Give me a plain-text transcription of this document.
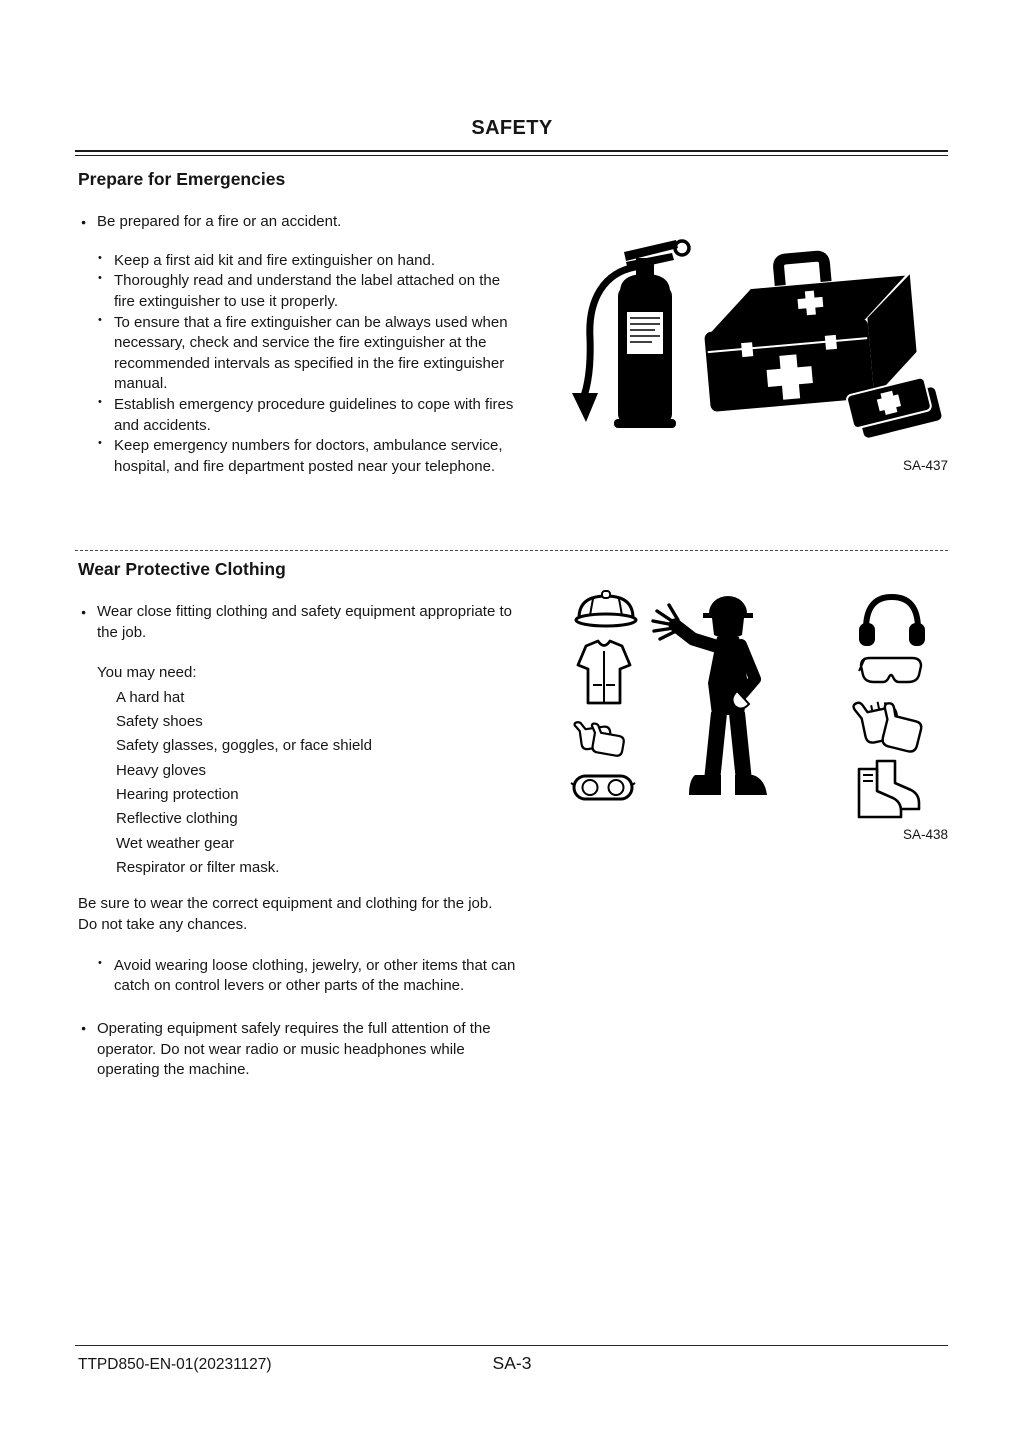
SAFETY
Prepare for Emergencies
● Be prepared for a fire or an accident.
• Keep a first aid kit and fire extinguisher on hand.
• Thoroughly read and understand the label attached on the fire extinguisher to use it properly.
• To ensure that a fire extinguisher can be always used when necessary, check and service the fire extinguisher at the recommended intervals as specified in the fire extinguisher manual.
• Establish emergency procedure guidelines to cope with fires and accidents.
• Keep emergency numbers for doctors, ambulance service, hospital, and fire department posted near your telephone.	SA-437
Wear Protective Clothing
● Wear close fitting clothing and safety equipment appropriate to the job.

You may need:

A hard hat
Safety shoes
Safety glasses, goggles, or face shield
Heavy gloves
Hearing protection
Reflective clothing
Wet weather gear
Respirator or filter mask.

Be sure to wear the correct equipment and clothing for the job. Do not take any chances.

• Avoid wearing loose clothing, jewelry, or other items that can catch on control levers or other parts of the machine.
● Operating equipment safely requires the full attention of the operator. Do not wear radio or music headphones while operating the machine.
SA-438
TTPD850-EN-01(20231127)	SA-3
